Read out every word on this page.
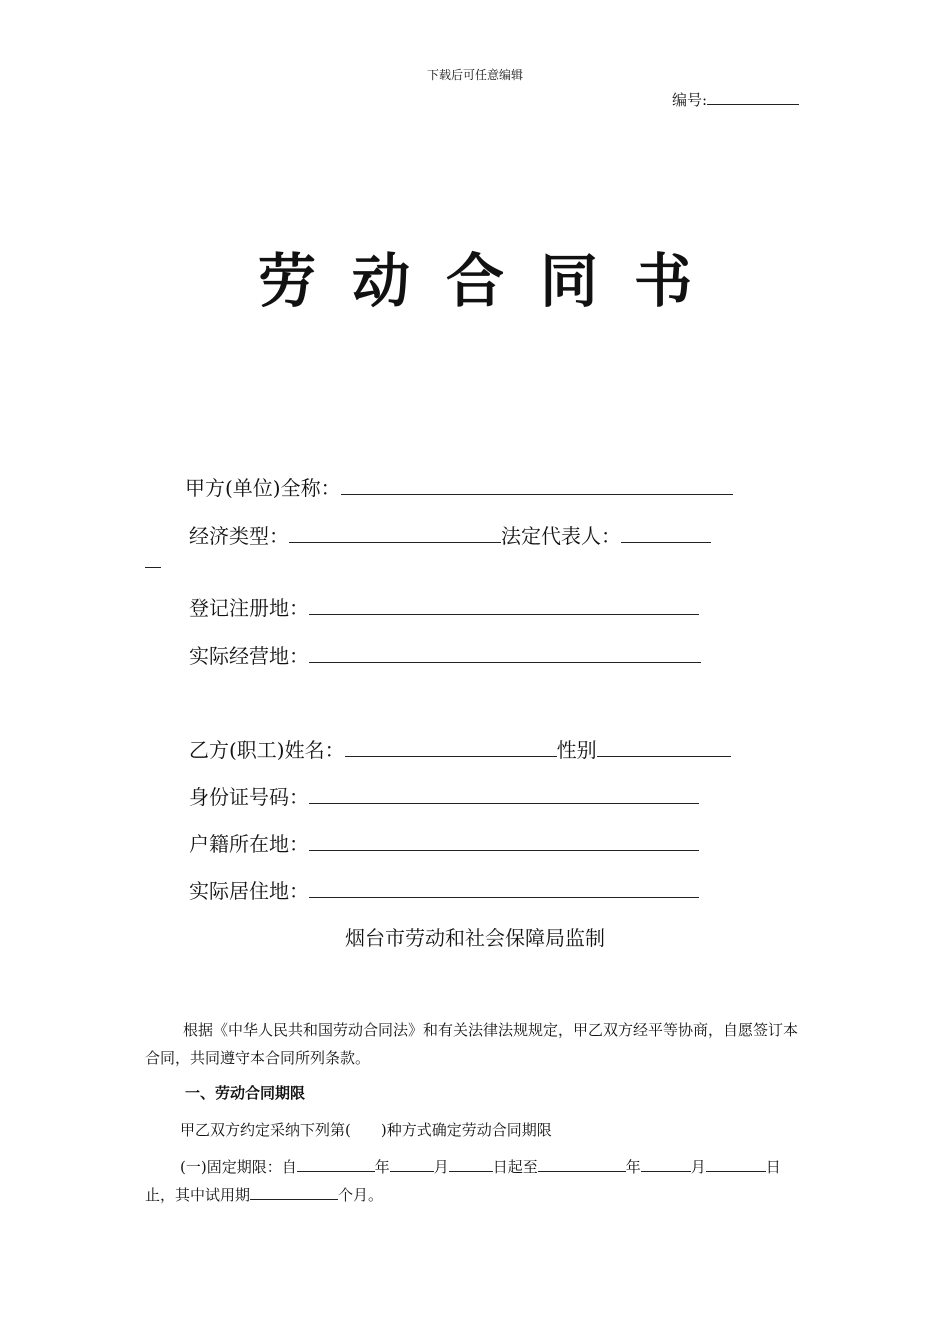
下载后可任意编辑
编号:
劳动合同书
甲方(单位)全称：
经济类型：	法定代表人：
登记注册地：
实际经营地：
乙方(职工)姓名：	性别
身份证号码：
户籍所在地：
实际居住地：
烟台市劳动和社会保障局监制
根据《中华人民共和国劳动合同法》和有关法律法规规定，甲乙双方经平等协商，自愿签订本合同，共同遵守本合同所列条款。
一、劳动合同期限
甲乙双方约定采纳下列第(　　)种方式确定劳动合同期限
(一)固定期限：自	年	月	日起至	年	月	日止，其中试用期	个月。
